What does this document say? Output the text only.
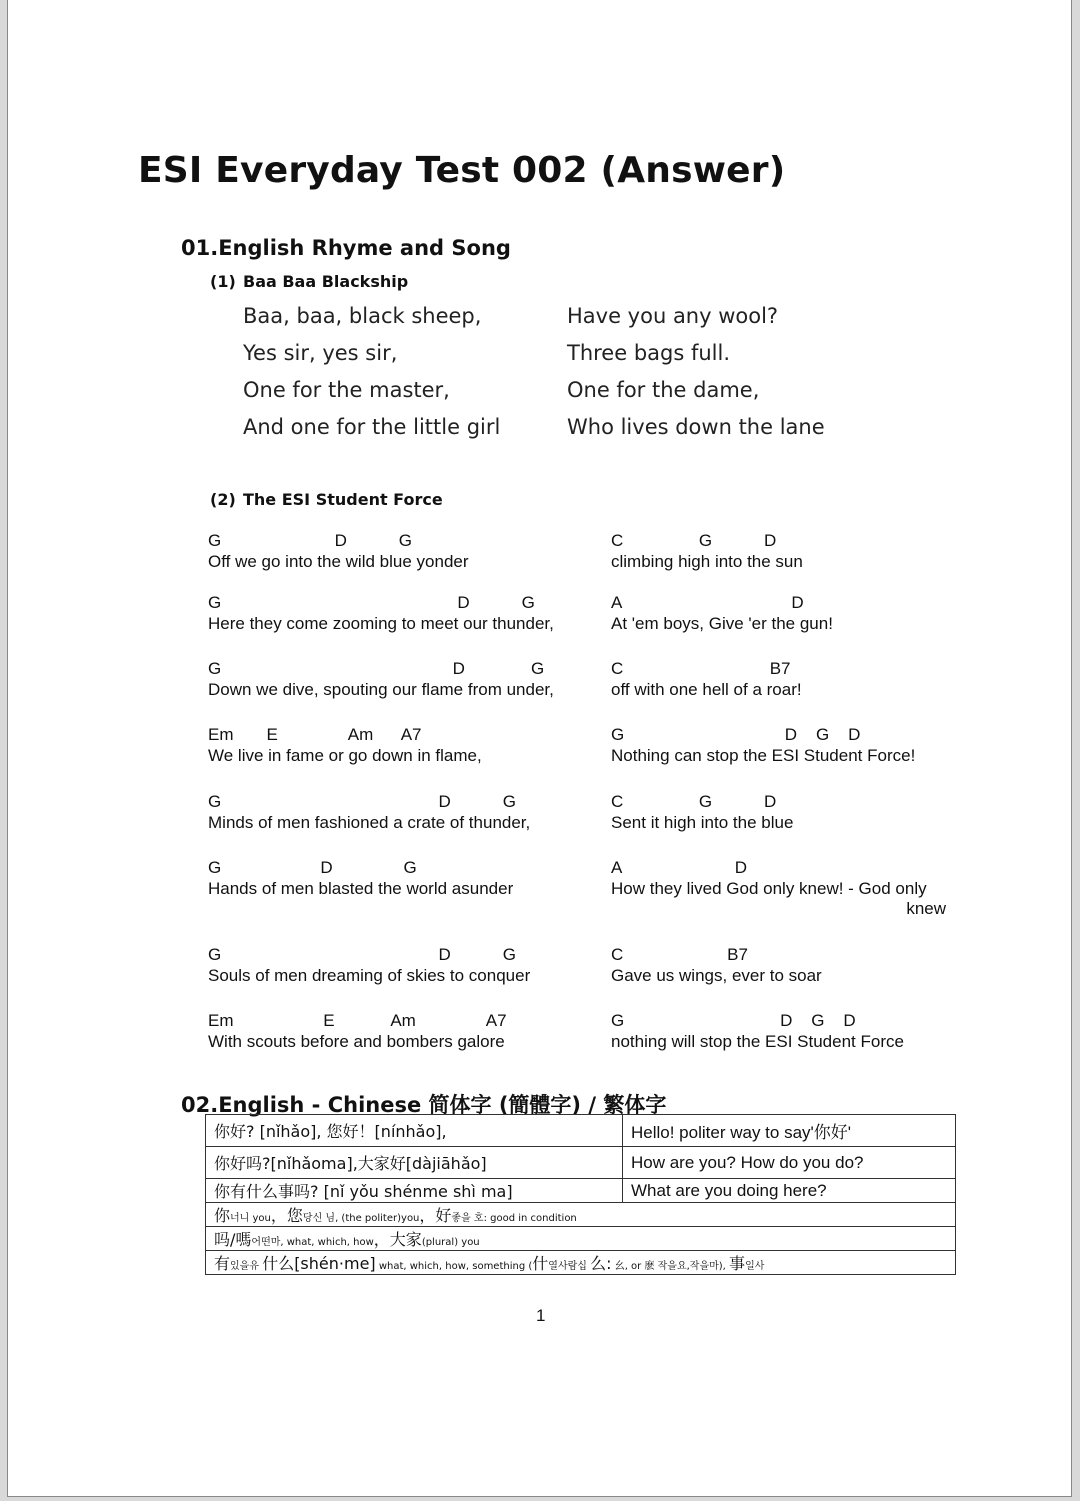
ESI Everyday Test 002 (Answer)
01.English Rhyme and Song
(1) Baa Baa Blackship
Baa, baa, black sheep,	Have you any wool?
Yes sir, yes sir,	Three bags full.
One for the master,	One for the dame,
And one for the little girl	Who lives down the lane
(2) The ESI Student Force
G                        D           G
Off we go into the wild blue yonder
C                G           D
climbing high into the sun
G                                                  D           G
Here they come zooming to meet our thunder,
A                                    D
At 'em boys, Give 'er the gun!
G                                                 D              G
Down we dive, spouting our flame from under,
C                               B7
off with one hell of a roar!
Em       E               Am      A7
We live in fame or go down in flame,
G                                  D    G    D
Nothing can stop the ESI Student Force!
G                                              D           G
Minds of men fashioned a crate of thunder,
C                G           D
Sent it high into the blue
G                     D               G
Hands of men blasted the world asunder
A                        D
How they lived God only knew! - God only
knew
G                                              D           G
Souls of men dreaming of skies to conquer
C                      B7
Gave us wings, ever to soar
Em                   E            Am               A7
With scouts before and bombers galore
G                                 D    G    D
nothing will stop the ESI Student Force
02.English - Chinese 简体字 (簡體字) / 繁体字
你好? [nǐhǎo], 您好！[nínhǎo],	Hello! politer way to say'你好'
你好吗?[nǐhǎoma],大家好[dàjiāhǎo]	How are you? How do you do?
你有什么事吗? [nǐ yǒu shénme shì ma]	What are you doing here?
你너니 you，您당신 님, (the politer)you，好좋을 호: good in condition	
吗/嗎어떤마, what, which, how，大家(plural) you	
有있을유 什么[shén·me] what, which, how, something (什열사람십 么: 幺, or 麽 작을요,작을마), 事일사	
1
